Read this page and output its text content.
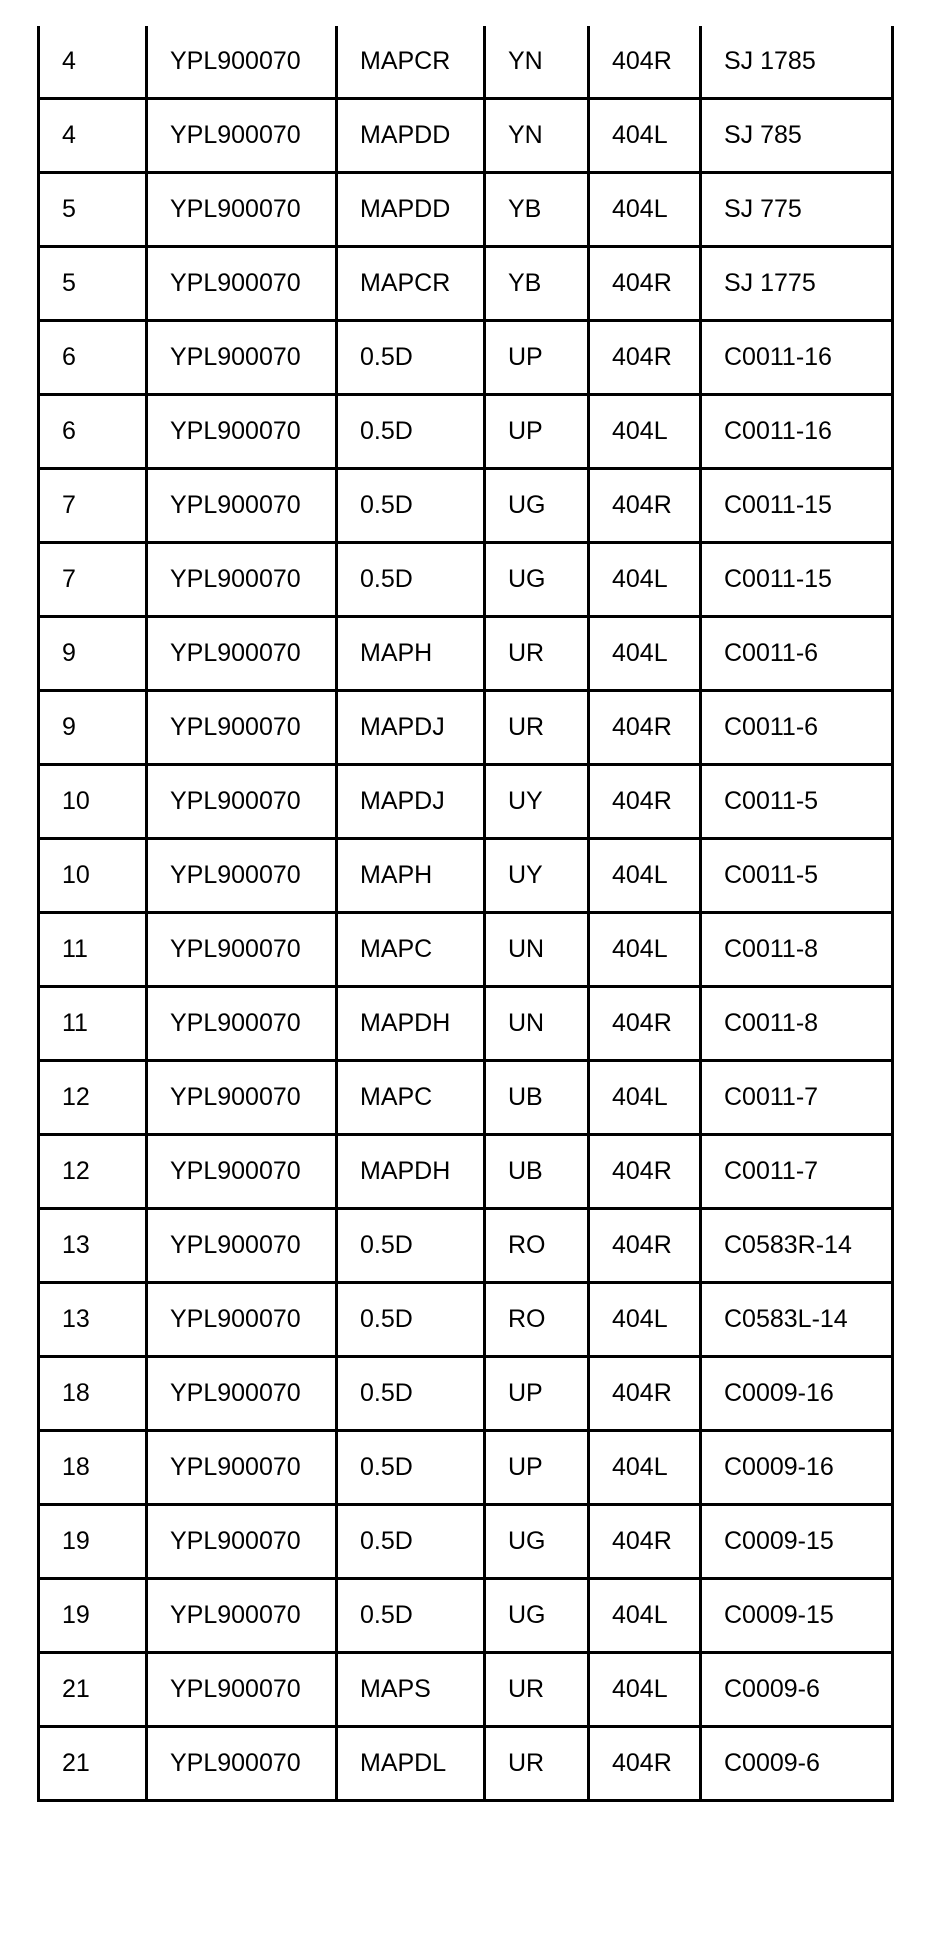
4	YPL900070	MAPCR	YN	404R	SJ 1785
4	YPL900070	MAPDD	YN	404L	SJ 785
5	YPL900070	MAPDD	YB	404L	SJ 775
5	YPL900070	MAPCR	YB	404R	SJ 1775
6	YPL900070	0.5D	UP	404R	C0011-16
6	YPL900070	0.5D	UP	404L	C0011-16
7	YPL900070	0.5D	UG	404R	C0011-15
7	YPL900070	0.5D	UG	404L	C0011-15
9	YPL900070	MAPH	UR	404L	C0011-6
9	YPL900070	MAPDJ	UR	404R	C0011-6
10	YPL900070	MAPDJ	UY	404R	C0011-5
10	YPL900070	MAPH	UY	404L	C0011-5
11	YPL900070	MAPC	UN	404L	C0011-8
11	YPL900070	MAPDH	UN	404R	C0011-8
12	YPL900070	MAPC	UB	404L	C0011-7
12	YPL900070	MAPDH	UB	404R	C0011-7
13	YPL900070	0.5D	RO	404R	C0583R-14
13	YPL900070	0.5D	RO	404L	C0583L-14
18	YPL900070	0.5D	UP	404R	C0009-16
18	YPL900070	0.5D	UP	404L	C0009-16
19	YPL900070	0.5D	UG	404R	C0009-15
19	YPL900070	0.5D	UG	404L	C0009-15
21	YPL900070	MAPS	UR	404L	C0009-6
21	YPL900070	MAPDL	UR	404R	C0009-6
